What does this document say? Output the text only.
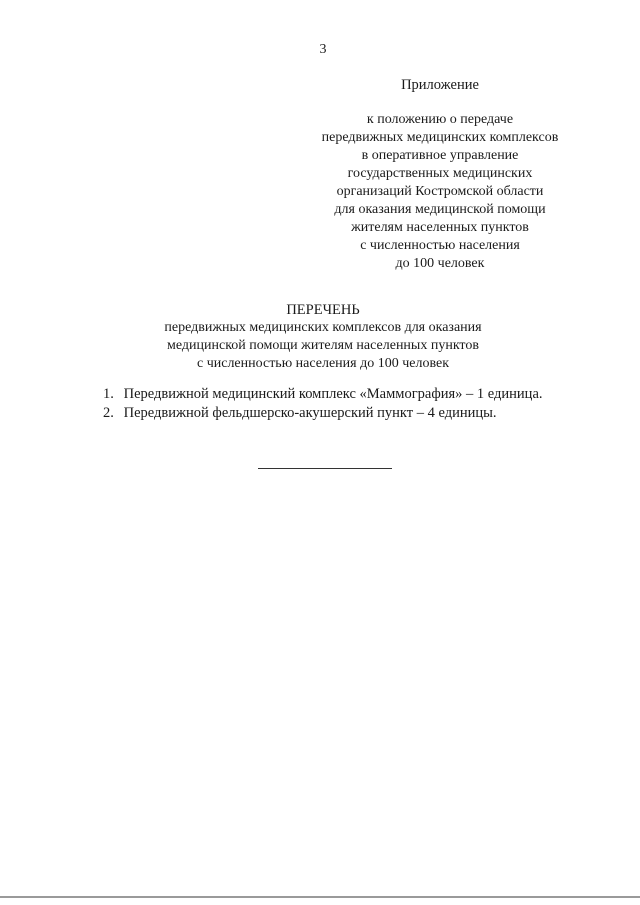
3
Приложение
к положению о передаче
передвижных медицинских комплексов
в оперативное управление
государственных медицинских
организаций Костромской области
для оказания медицинской помощи
жителям населенных пунктов
с численностью населения
до 100 человек
ПЕРЕЧЕНЬ
передвижных медицинских комплексов для оказания
медицинской помощи жителям населенных пунктов
с численностью населения до 100 человек
1. Передвижной медицинский комплекс «Маммография» – 1 единица.
2. Передвижной фельдшерско-акушерский пункт – 4 единицы.
